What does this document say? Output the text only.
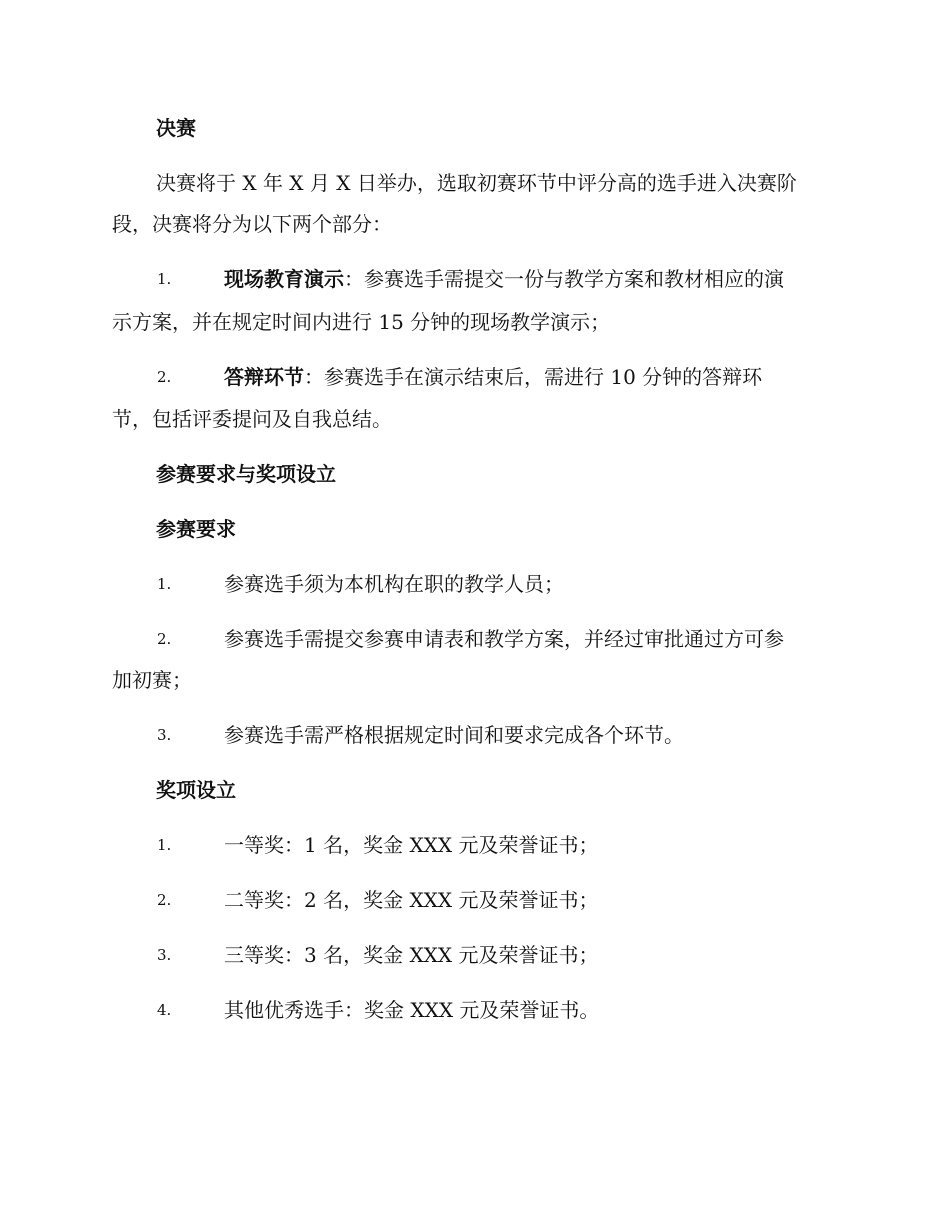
决赛
决赛将于 X 年 X 月 X 日举办，选取初赛环节中评分高的选手进入决赛阶
段，决赛将分为以下两个部分：
1.	现场教育演示：参赛选手需提交一份与教学方案和教材相应的演
示方案，并在规定时间内进行 15 分钟的现场教学演示；
2.	答辩环节：参赛选手在演示结束后，需进行 10 分钟的答辩环
节，包括评委提问及自我总结。
参赛要求与奖项设立
参赛要求
1.	参赛选手须为本机构在职的教学人员；
2.	参赛选手需提交参赛申请表和教学方案，并经过审批通过方可参
加初赛；
3.	参赛选手需严格根据规定时间和要求完成各个环节。
奖项设立
1.	一等奖：1 名，奖金 XXX 元及荣誉证书；
2.	二等奖：2 名，奖金 XXX 元及荣誉证书；
3.	三等奖：3 名，奖金 XXX 元及荣誉证书；
4.	其他优秀选手：奖金 XXX 元及荣誉证书。
